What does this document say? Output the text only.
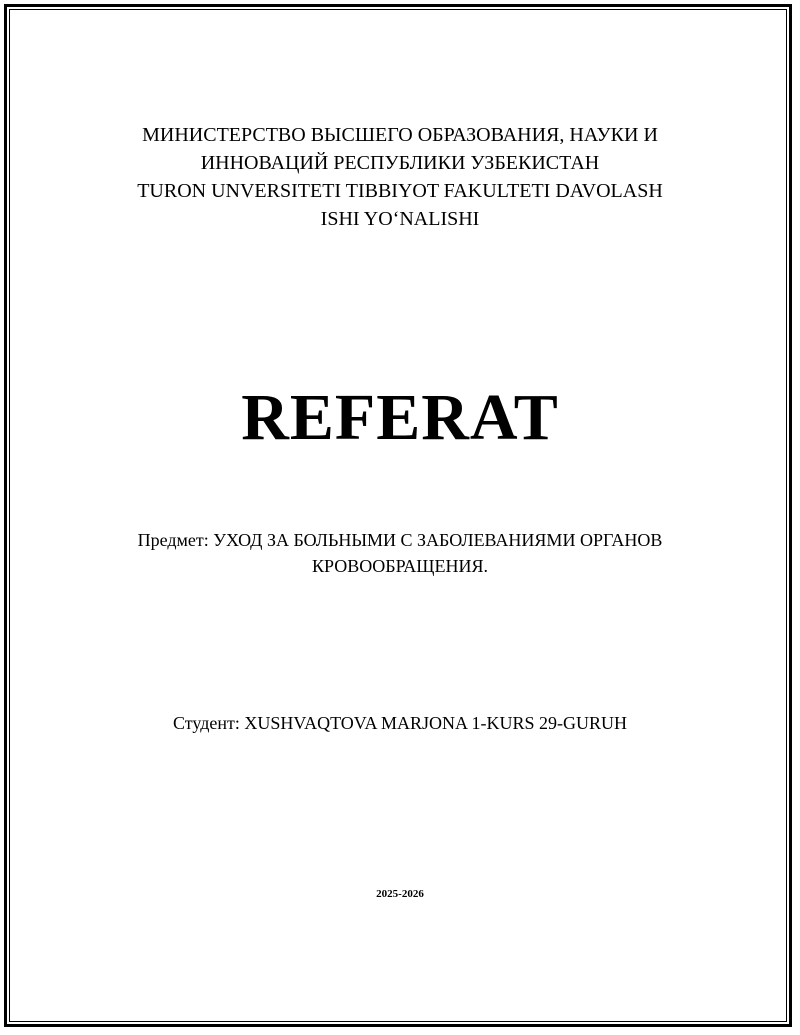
МИНИСТЕРСТВО ВЫСШЕГО ОБРАЗОВАНИЯ, НАУКИ И
ИННОВАЦИЙ РЕСПУБЛИКИ УЗБЕКИСТАН
TURON UNVERSITETI TIBBIYOT FAKULTETI DAVOLASH
ISHI YO‘NALISHI
REFERAT
Предмет: УХОД ЗА БОЛЬНЫМИ С ЗАБОЛЕВАНИЯМИ ОРГАНОВ
КРОВООБРАЩЕНИЯ.
Студент: XUSHVAQTOVA MARJONA 1-KURS 29-GURUH
2025-2026
